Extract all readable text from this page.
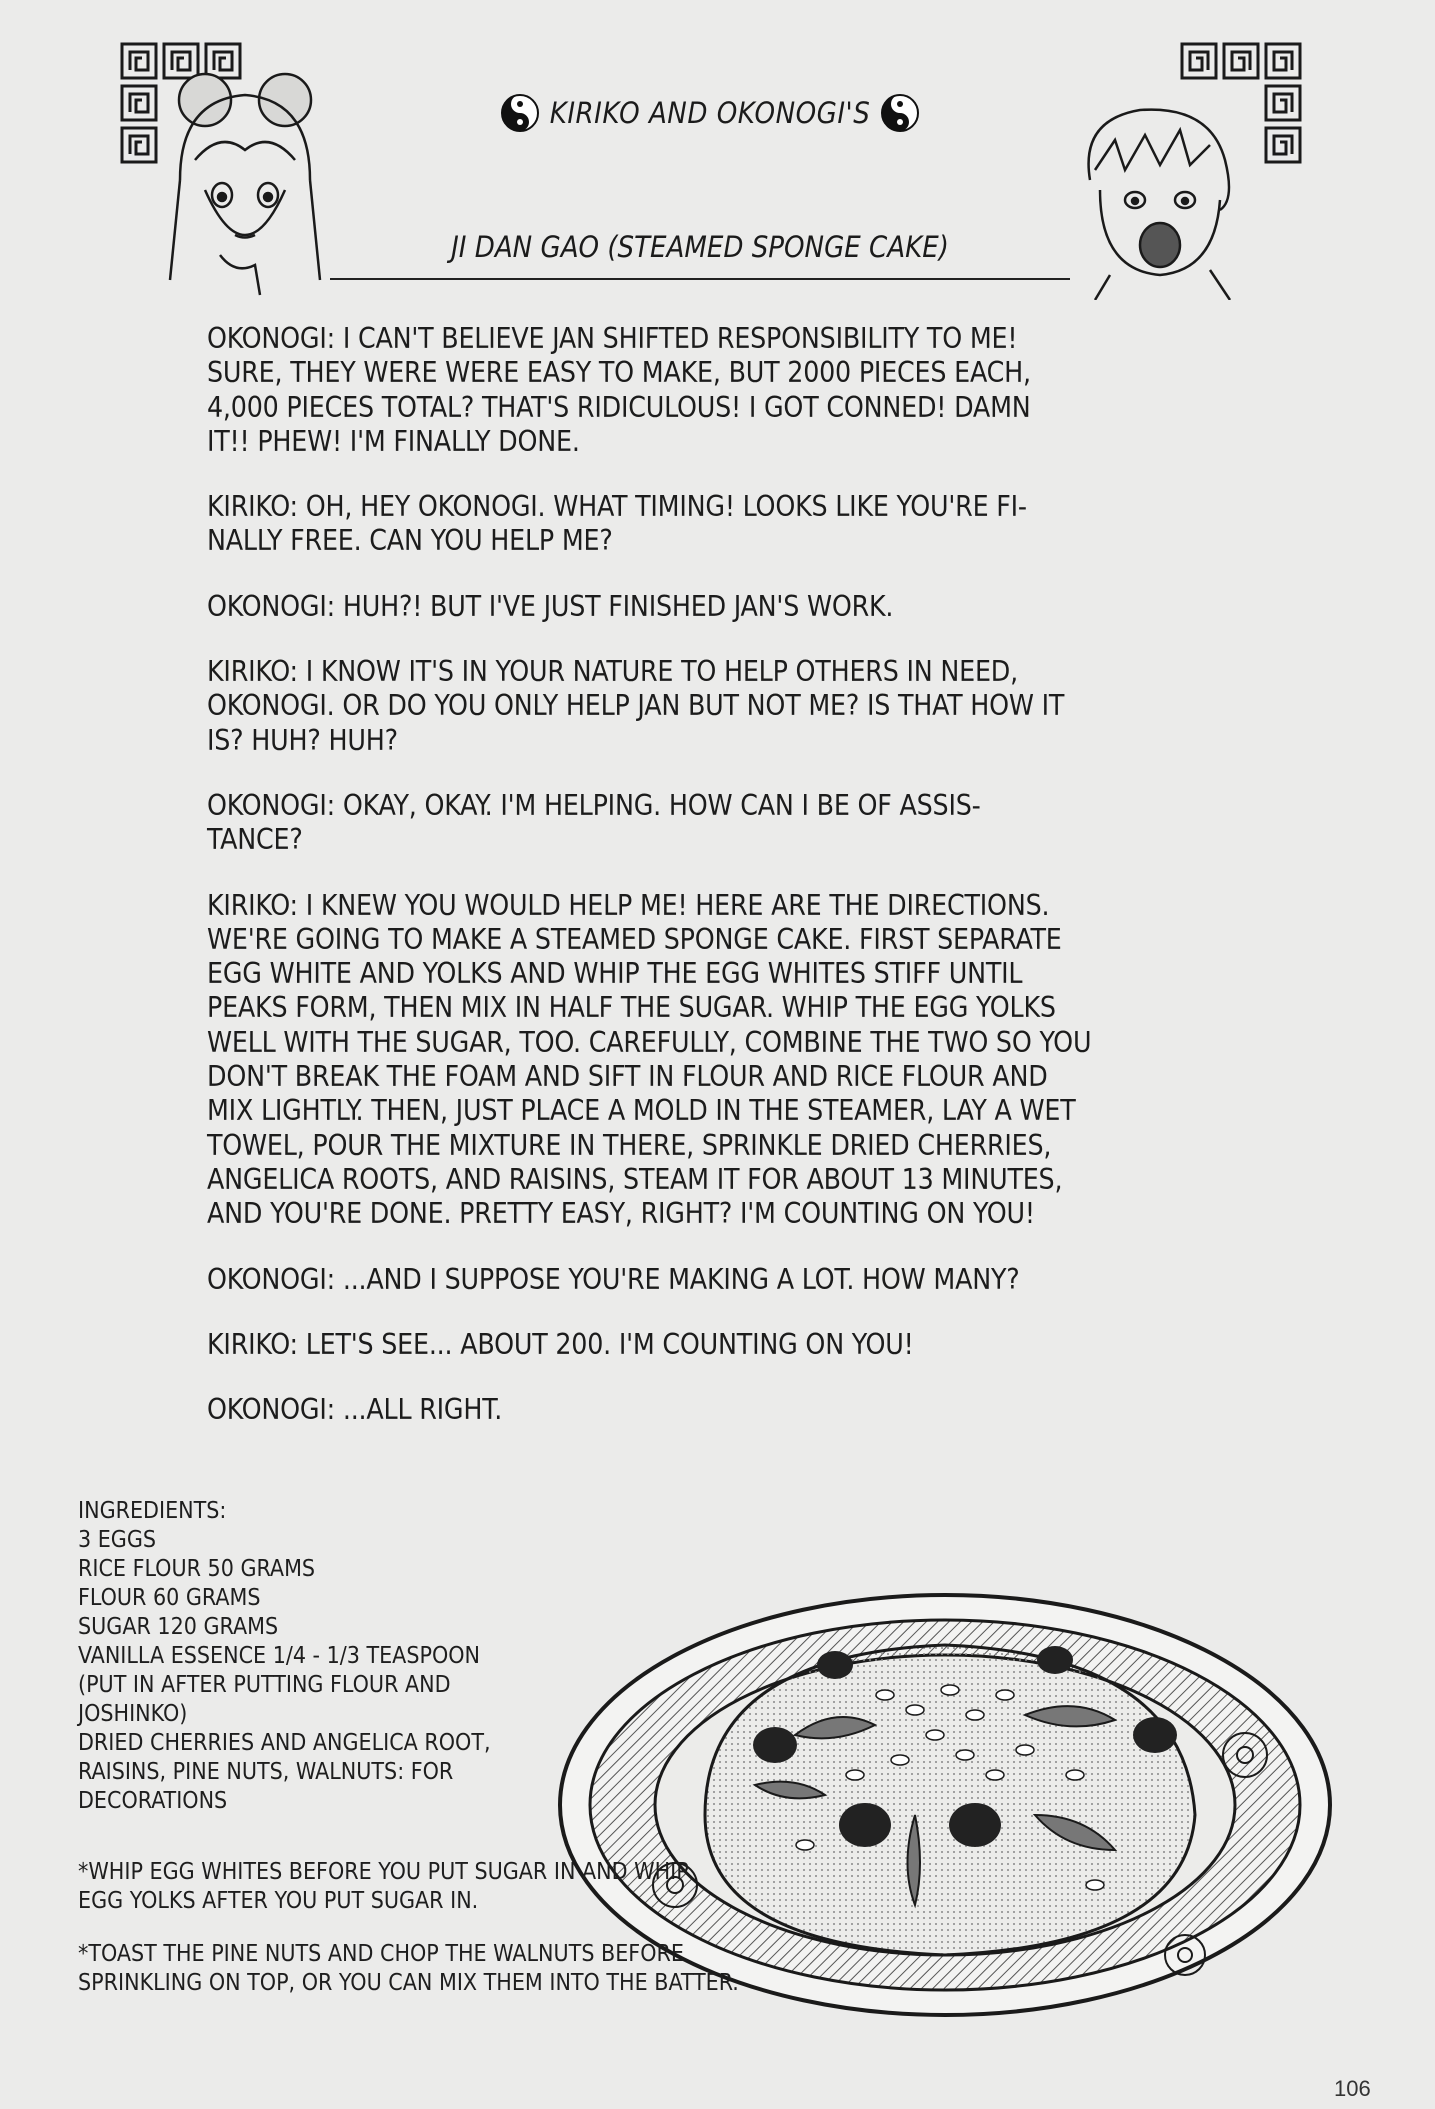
KIRIKO AND OKONOGI'S
JI DAN GAO (STEAMED SPONGE CAKE)

OKONOGI: I CAN'T BELIEVE JAN SHIFTED RESPONSIBILITY TO ME!
SURE, THEY WERE WERE EASY TO MAKE, BUT 2000 PIECES EACH,
4,000 PIECES TOTAL? THAT'S RIDICULOUS! I GOT CONNED! DAMN
IT!! PHEW! I'M FINALLY DONE.

KIRIKO: OH, HEY OKONOGI. WHAT TIMING! LOOKS LIKE YOU'RE FI-
NALLY FREE. CAN YOU HELP ME?

OKONOGI: HUH?! BUT I'VE JUST FINISHED JAN'S WORK.

KIRIKO: I KNOW IT'S IN YOUR NATURE TO HELP OTHERS IN NEED,
OKONOGI. OR DO YOU ONLY HELP JAN BUT NOT ME? IS THAT HOW IT
IS? HUH? HUH?

OKONOGI: OKAY, OKAY. I'M HELPING. HOW CAN I BE OF ASSIS-
TANCE?

KIRIKO: I KNEW YOU WOULD HELP ME! HERE ARE THE DIRECTIONS.
WE'RE GOING TO MAKE A STEAMED SPONGE CAKE. FIRST SEPARATE
EGG WHITE AND YOLKS AND WHIP THE EGG WHITES STIFF UNTIL
PEAKS FORM, THEN MIX IN HALF THE SUGAR. WHIP THE EGG YOLKS
WELL WITH THE SUGAR, TOO. CAREFULLY, COMBINE THE TWO SO YOU
DON'T BREAK THE FOAM AND SIFT IN FLOUR AND RICE FLOUR AND
MIX LIGHTLY. THEN, JUST PLACE A MOLD IN THE STEAMER, LAY A WET
TOWEL, POUR THE MIXTURE IN THERE, SPRINKLE DRIED CHERRIES,
ANGELICA ROOTS, AND RAISINS, STEAM IT FOR ABOUT 13 MINUTES,
AND YOU'RE DONE. PRETTY EASY, RIGHT? I'M COUNTING ON YOU!

OKONOGI: ...AND I SUPPOSE YOU'RE MAKING A LOT. HOW MANY?

KIRIKO: LET'S SEE... ABOUT 200. I'M COUNTING ON YOU!

OKONOGI: ...ALL RIGHT.

INGREDIENTS:
3 EGGS
RICE FLOUR 50 GRAMS
FLOUR 60 GRAMS
SUGAR 120 GRAMS
VANILLA ESSENCE 1/4 - 1/3 TEASPOON
(PUT IN AFTER PUTTING FLOUR AND
JOSHINKO)
DRIED CHERRIES AND ANGELICA ROOT,
RAISINS, PINE NUTS, WALNUTS: FOR
DECORATIONS
*WHIP EGG WHITES BEFORE YOU PUT SUGAR IN AND WHIP
EGG YOLKS AFTER YOU PUT SUGAR IN.
*TOAST THE PINE NUTS AND CHOP THE WALNUTS BEFORE
SPRINKLING ON TOP, OR YOU CAN MIX THEM INTO THE BATTER.
106
